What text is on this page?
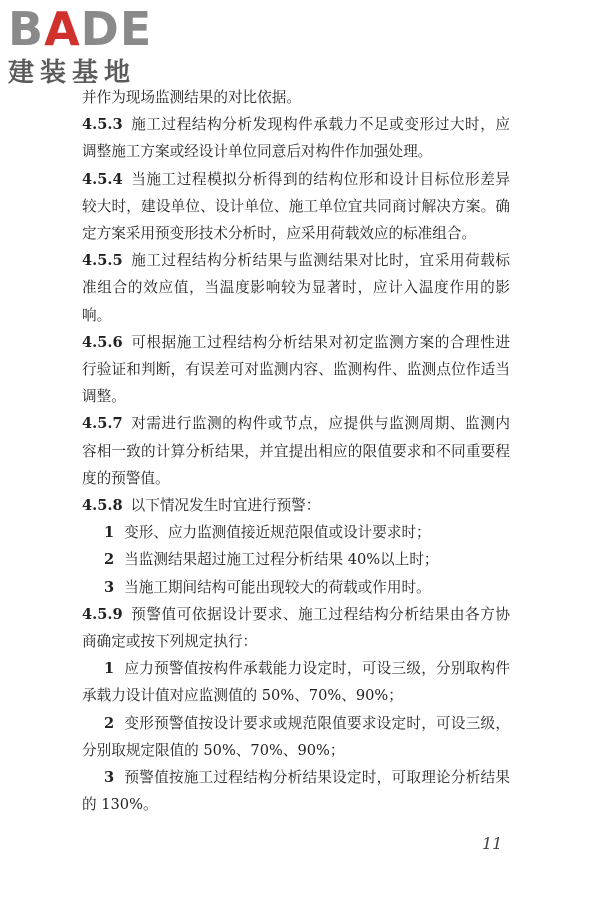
BADE
建装基地

并作为现场监测结果的对比依据。

4.5.3 施工过程结构分析发现构件承载力不足或变形过大时，应调整施工方案或经设计单位同意后对构件作加强处理。

4.5.4 当施工过程模拟分析得到的结构位形和设计目标位形差异较大时，建设单位、设计单位、施工单位宜共同商讨解决方案。确定方案采用预变形技术分析时，应采用荷载效应的标准组合。

4.5.5 施工过程结构分析结果与监测结果对比时，宜采用荷载标准组合的效应值，当温度影响较为显著时，应计入温度作用的影响。

4.5.6 可根据施工过程结构分析结果对初定监测方案的合理性进行验证和判断，有误差可对监测内容、监测构件、监测点位作适当调整。

4.5.7 对需进行监测的构件或节点，应提供与监测周期、监测内容相一致的计算分析结果，并宜提出相应的限值要求和不同重要程度的预警值。

4.5.8 以下情况发生时宜进行预警：

1 变形、应力监测值接近规范限值或设计要求时；

2 当监测结果超过施工过程分析结果 40%以上时；

3 当施工期间结构可能出现较大的荷载或作用时。

4.5.9 预警值可依据设计要求、施工过程结构分析结果由各方协商确定或按下列规定执行：

1 应力预警值按构件承载能力设定时，可设三级，分别取构件承载力设计值对应监测值的 50%、70%、90%；

2 变形预警值按设计要求或规范限值要求设定时，可设三级，分别取规定限值的 50%、70%、90%；

3 预警值按施工过程结构分析结果设定时，可取理论分析结果的 130%。

11
